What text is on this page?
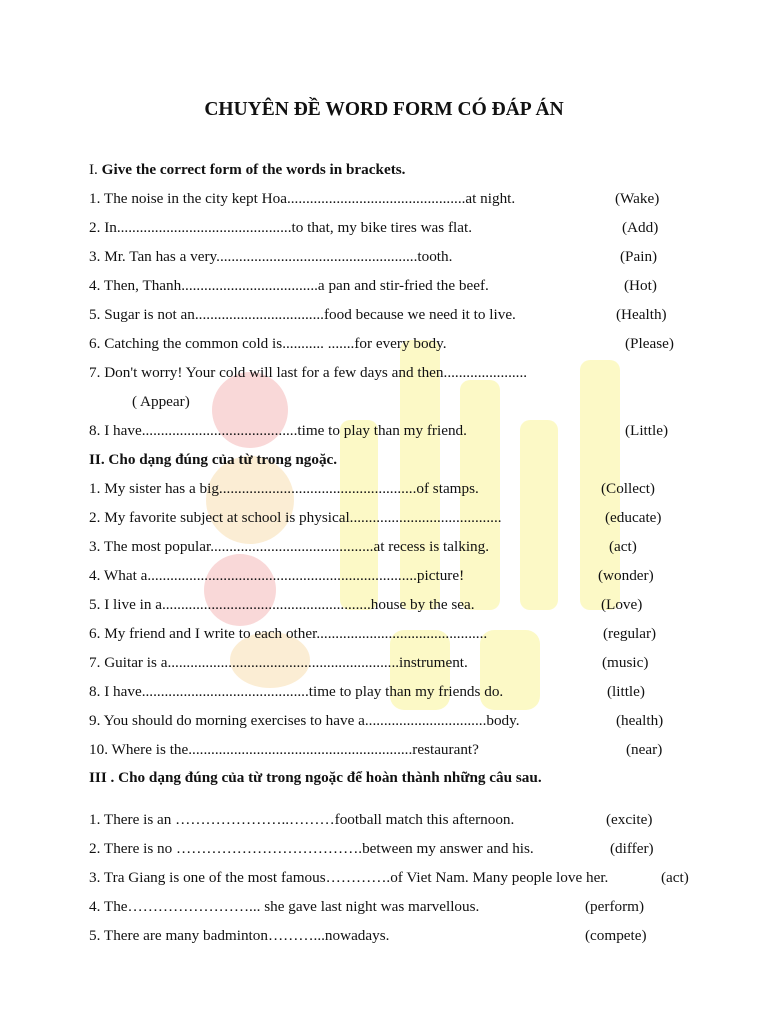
CHUYÊN ĐỀ WORD FORM CÓ ĐÁP ÁN
I. Give the correct form of the words in brackets.
1. The noise in the city kept Hoa...............................................at night.	(Wake)
2. In..............................................to that, my bike tires was flat.	(Add)
3. Mr. Tan has a very.....................................................tooth.	(Pain)
4. Then, Thanh....................................a pan and stir-fried the beef.	(Hot)
5. Sugar is not an..................................food because we need it to live.	(Health)
6. Catching the common cold is........... .......for every body.	(Please)
7. Don't worry! Your cold will last for a few days and then......................
( Appear)
8. I have.........................................time to play than my friend.	(Little)
II. Cho dạng đúng của từ trong ngoặc.
1. My sister has a big....................................................of stamps.	(Collect)
2. My favorite subject at school is physical........................................	(educate)
3. The most popular...........................................at recess is talking.	(act)
4. What a.......................................................................picture!	(wonder)
5. I live in a.......................................................house by the sea.	(Love)
6. My friend and I write to each other.............................................	(regular)
7. Guitar is a.............................................................instrument.	(music)
8. I have............................................time to play than my friends do.	(little)
9. You should do morning exercises to have a................................body.	(health)
10. Where is the...........................................................restaurant?	(near)
III . Cho dạng đúng của từ trong ngoặc để hoàn thành những câu sau.
1. There is an …………………..………football match this afternoon.	(excite)
2. There is no ……………………………….between my answer and his.	(differ)
3. Tra Giang is one of the most famous………….of Viet Nam. Many people love her.	(act)
4. The……………………... she gave last night was marvellous.	(perform)
5. There are many badminton………...nowadays.	(compete)
